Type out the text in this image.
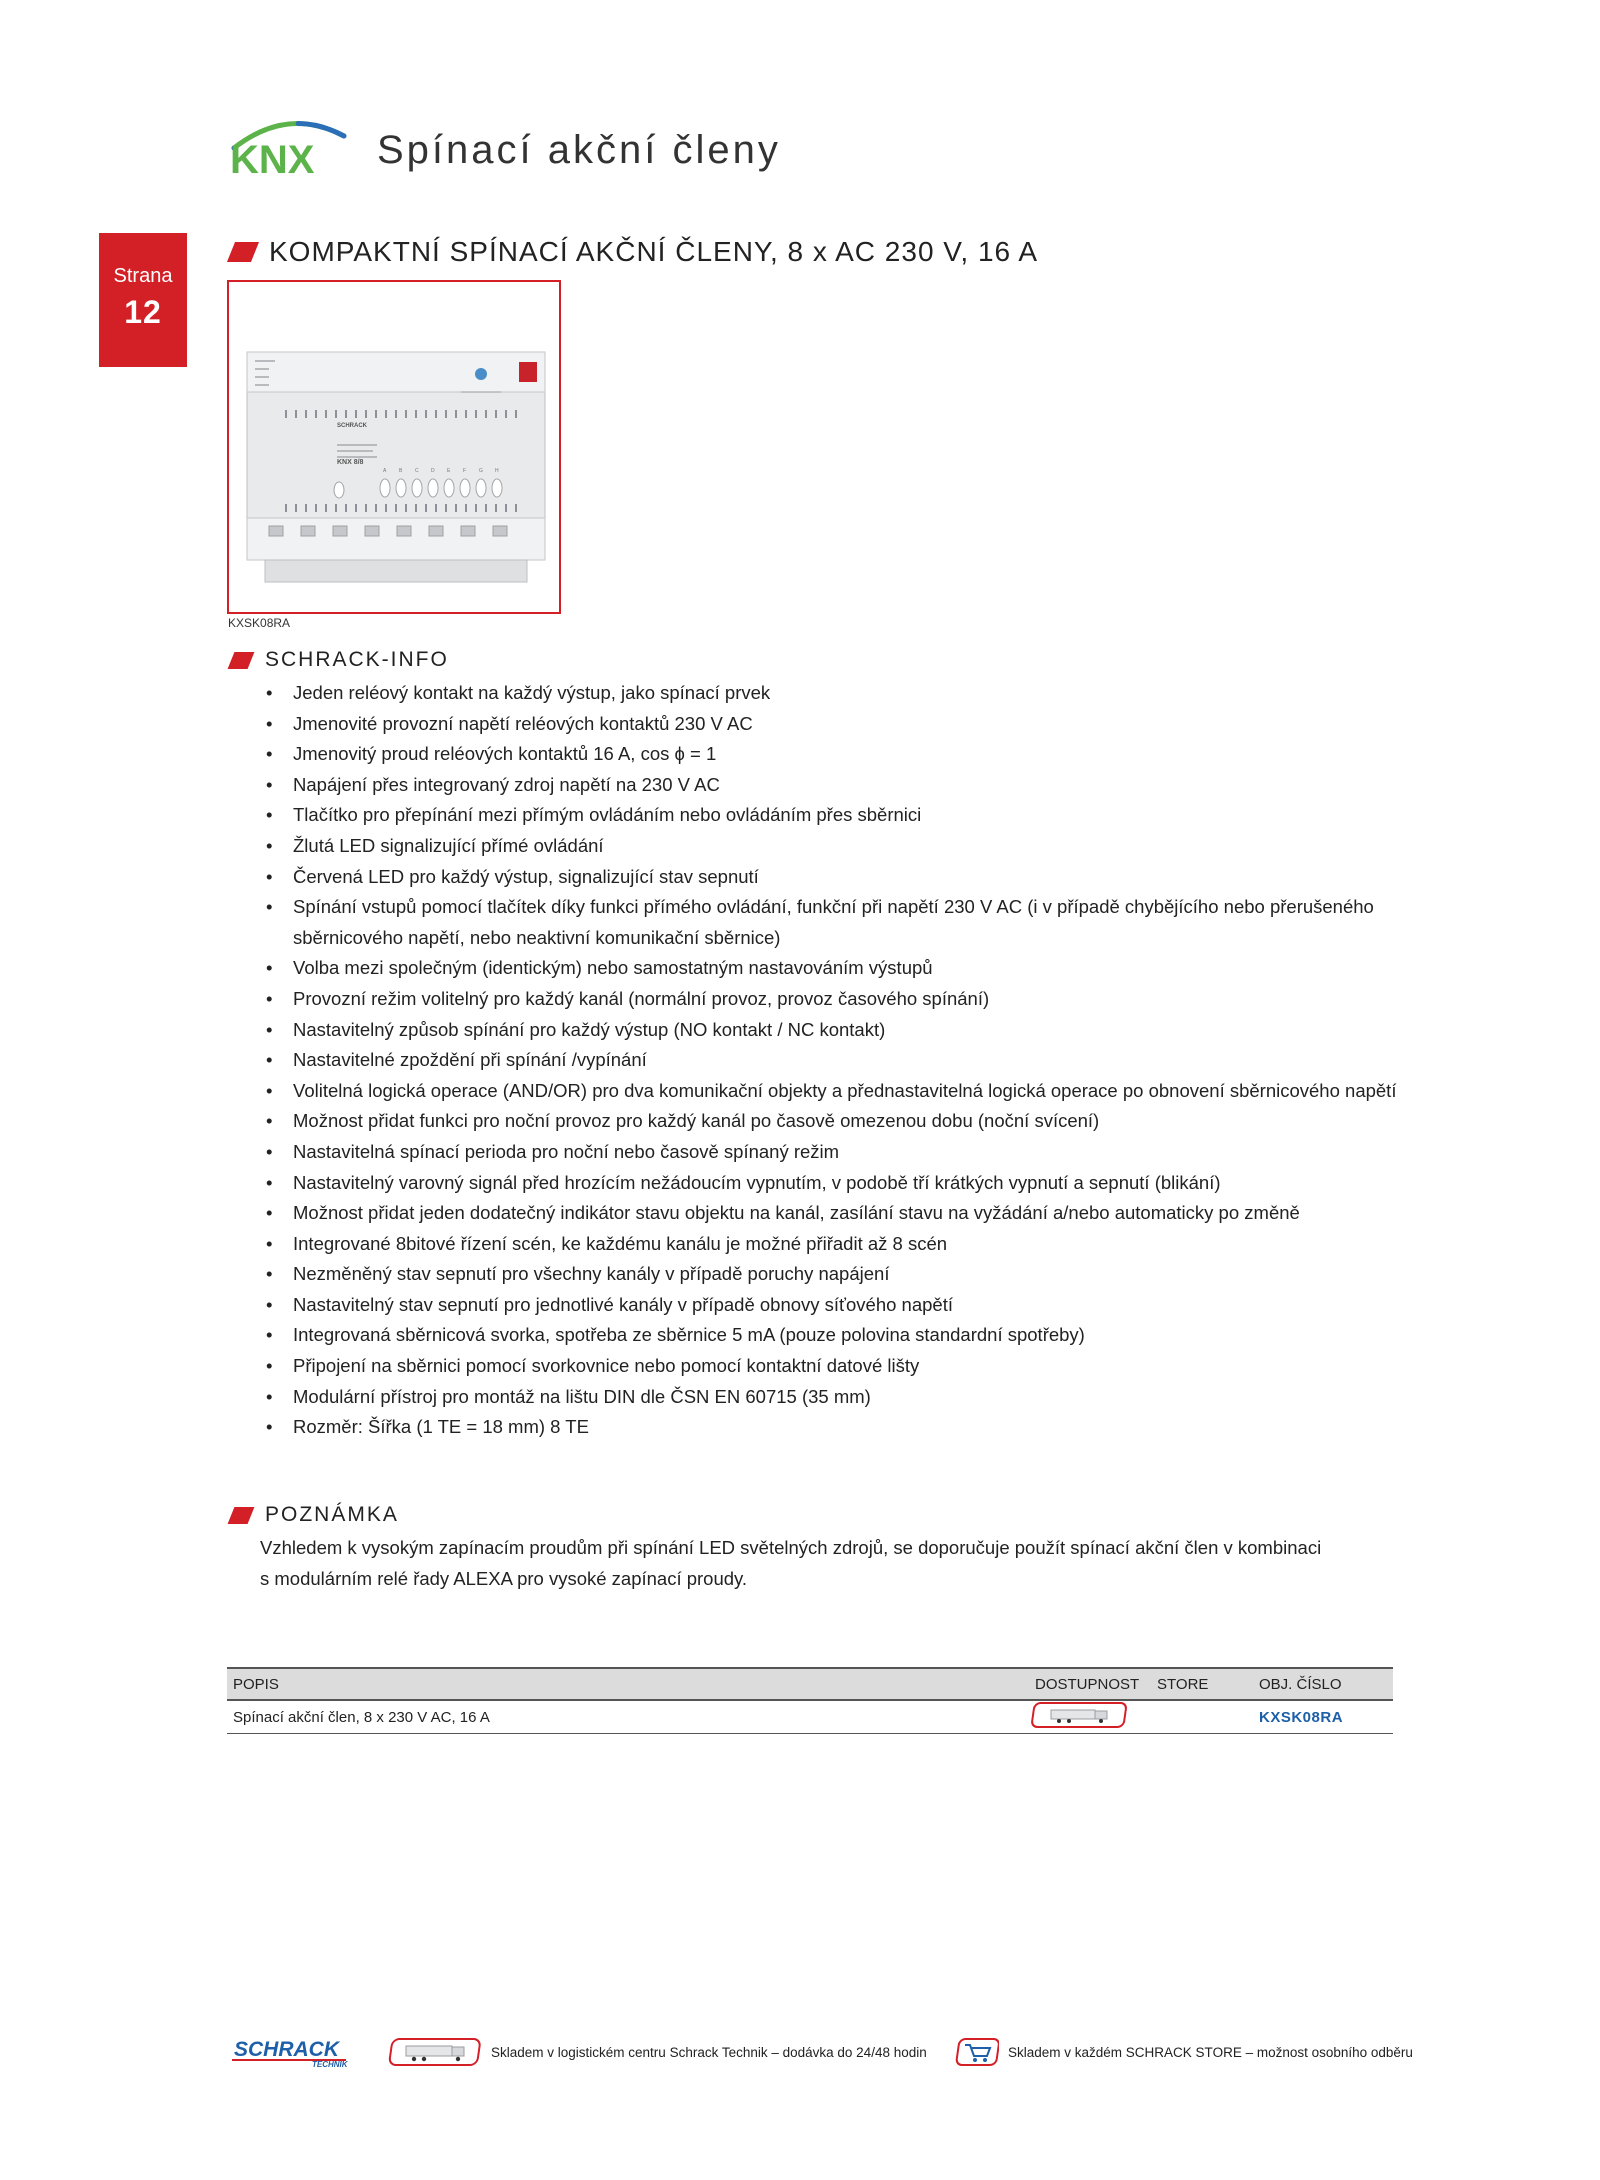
KNX Spínací akční členy
Strana
12
KOMPAKTNÍ SPÍNACÍ AKČNÍ ČLENY, 8 x AC 230 V, 16 A
SCHRACK
KNX 8/8
A	B	C D E	F	G H
KXSK08RA
SCHRACK-INFO
• Jeden reléový kontakt na každý výstup, jako spínací prvek
• Jmenovité provozní napětí reléových kontaktů 230 V AC
• Jmenovitý proud reléových kontaktů 16 A, cos ϕ = 1
• Napájení přes integrovaný zdroj napětí na 230 V AC
• Tlačítko pro přepínání mezi přímým ovládáním nebo ovládáním přes sběrnici
• Žlutá LED signalizující přímé ovládání
• Červená LED pro každý výstup, signalizující stav sepnutí
• Spínání vstupů pomocí tlačítek díky funkci přímého ovládání, funkční při napětí 230 V AC (i v případě chybějícího nebo přerušeného sběrnicového napětí, nebo neaktivní komunikační sběrnice)
• Volba mezi společným (identickým) nebo samostatným nastavováním výstupů
• Provozní režim volitelný pro každý kanál (normální provoz, provoz časového spínání)
• Nastavitelný způsob spínání pro každý výstup (NO kontakt / NC kontakt)
• Nastavitelné zpoždění při spínání /vypínání
• Volitelná logická operace (AND/OR) pro dva komunikační objekty a přednastavitelná logická operace po obnovení sběrnicového napětí
• Možnost přidat funkci pro noční provoz pro každý kanál po časově omezenou dobu (noční svícení)
• Nastavitelná spínací perioda pro noční nebo časově spínaný režim
• Nastavitelný varovný signál před hrozícím nežádoucím vypnutím, v podobě tří krátkých vypnutí a sepnutí (blikání)
• Možnost přidat jeden dodatečný indikátor stavu objektu na kanál, zasílání stavu na vyžádání a/nebo automaticky po změně
• Integrované 8bitové řízení scén, ke každému kanálu je možné přiřadit až 8 scén
• Nezměněný stav sepnutí pro všechny kanály v případě poruchy napájení
• Nastavitelný stav sepnutí pro jednotlivé kanály v případě obnovy síťového napětí
• Integrovaná sběrnicová svorka, spotřeba ze sběrnice 5 mA (pouze polovina standardní spotřeby)
• Připojení na sběrnici pomocí svorkovnice nebo pomocí kontaktní datové lišty
• Modulární přístroj pro montáž na lištu DIN dle ČSN EN 60715 (35 mm)
• Rozměr: Šířka (1 TE = 18 mm) 8 TE
POZNÁMKA
Vzhledem k vysokým zapínacím proudům při spínání LED světelných zdrojů, se doporučuje použít spínací akční člen v kombinaci
s modulárním relé řady ALEXA pro vysoké zapínací proudy.
POPIS	DOSTUPNOST	STORE	OBJ. ČÍSLO
Spínací akční člen, 8 x 230 V AC, 16 A			KXSK08RA
SCHRACK
TECHNIK
Skladem v logistickém centru Schrack Technik – dodávka do 24/48 hodin	Skladem v každém SCHRACK STORE – možnost osobního odběru
